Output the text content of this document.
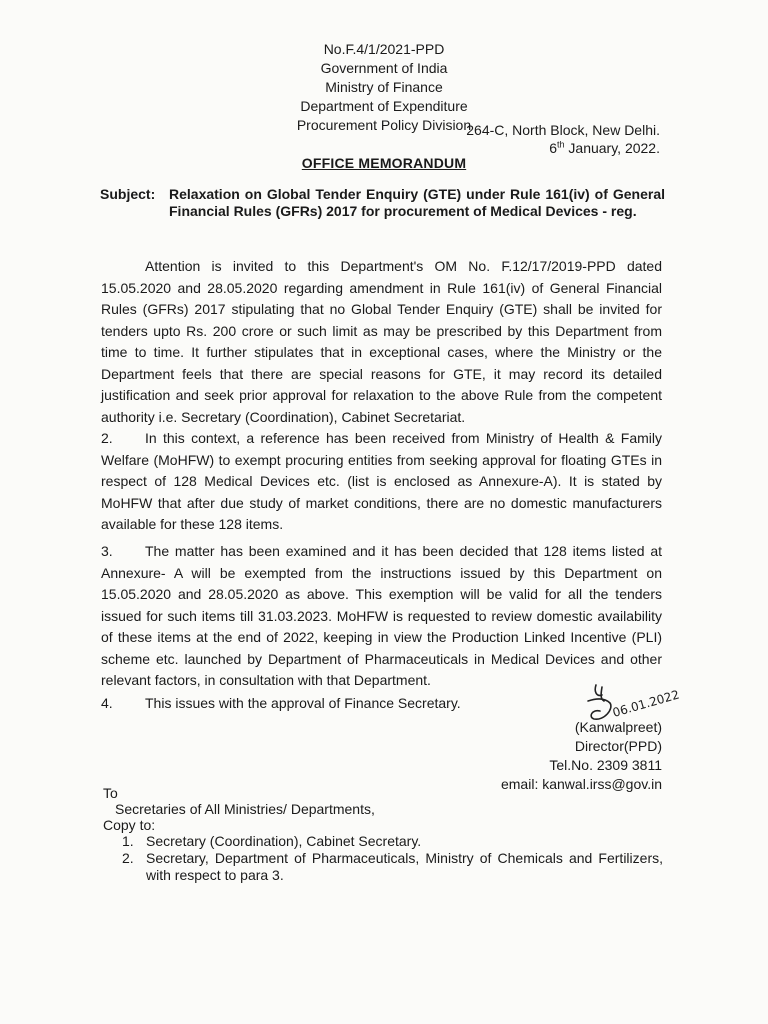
No.F.4/1/2021-PPD
Government of India
Ministry of Finance
Department of Expenditure
Procurement Policy Division
264-C, North Block, New Delhi.
6th January, 2022.
OFFICE MEMORANDUM
Subject: Relaxation on Global Tender Enquiry (GTE) under Rule 161(iv) of General Financial Rules (GFRs) 2017 for procurement of Medical Devices - reg.
Attention is invited to this Department's OM No. F.12/17/2019-PPD dated 15.05.2020 and 28.05.2020 regarding amendment in Rule 161(iv) of General Financial Rules (GFRs) 2017 stipulating that no Global Tender Enquiry (GTE) shall be invited for tenders upto Rs. 200 crore or such limit as may be prescribed by this Department from time to time. It further stipulates that in exceptional cases, where the Ministry or the Department feels that there are special reasons for GTE, it may record its detailed justification and seek prior approval for relaxation to the above Rule from the competent authority i.e. Secretary (Coordination), Cabinet Secretariat.
2. In this context, a reference has been received from Ministry of Health & Family Welfare (MoHFW) to exempt procuring entities from seeking approval for floating GTEs in respect of 128 Medical Devices etc. (list is enclosed as Annexure-A). It is stated by MoHFW that after due study of market conditions, there are no domestic manufacturers available for these 128 items.
3. The matter has been examined and it has been decided that 128 items listed at Annexure- A will be exempted from the instructions issued by this Department on 15.05.2020 and 28.05.2020 as above. This exemption will be valid for all the tenders issued for such items till 31.03.2023. MoHFW is requested to review domestic availability of these items at the end of 2022, keeping in view the Production Linked Incentive (PLI) scheme etc. launched by Department of Pharmaceuticals in Medical Devices and other relevant factors, in consultation with that Department.
4. This issues with the approval of Finance Secretary.	06.01.2022
(Kanwalpreet)
Director(PPD)
Tel.No. 2309 3811
email: kanwal.irss@gov.in
To
Secretaries of All Ministries/ Departments,
Copy to:
1. Secretary (Coordination), Cabinet Secretary.
2. Secretary, Department of Pharmaceuticals, Ministry of Chemicals and Fertilizers, with respect to para 3.
